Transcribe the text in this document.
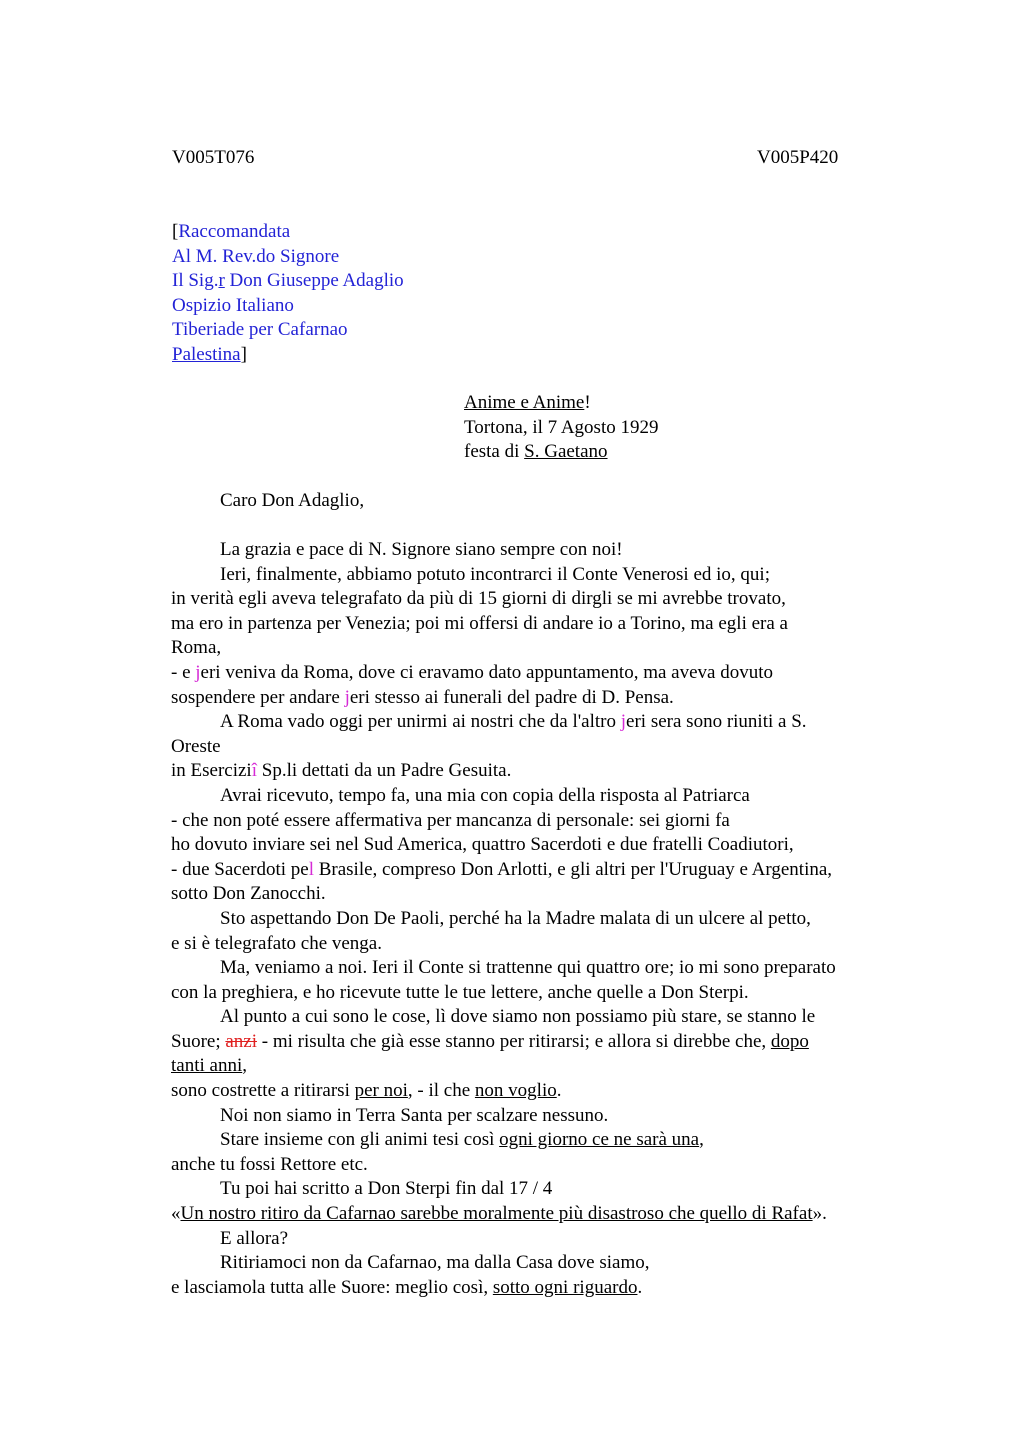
V005T076	V005P420
[Raccomandata
Al M. Rev.do Signore
Il Sig.r Don Giuseppe Adaglio
Ospizio Italiano
Tiberiade per Cafarnao
Palestina]
Anime e Anime!
Tortona, il 7 Agosto 1929
festa di S. Gaetano
Caro Don Adaglio,
La grazia e pace di N. Signore siano sempre con noi!
Ieri, finalmente, abbiamo potuto incontrarci il Conte Venerosi ed io, qui;
in verità egli aveva telegrafato da più di 15 giorni di dirgli se mi avrebbe trovato,
ma ero in partenza per Venezia; poi mi offersi di andare io a Torino, ma egli era a
Roma,
- e jeri veniva da Roma, dove ci eravamo dato appuntamento, ma aveva dovuto
sospendere per andare jeri stesso ai funerali del padre di D. Pensa.
A Roma vado oggi per unirmi ai nostri che da l'altro jeri sera sono riuniti a S.
Oreste
in Eserciziî Sp.li dettati da un Padre Gesuita.
Avrai ricevuto, tempo fa, una mia con copia della risposta al Patriarca
- che non poté essere affermativa per mancanza di personale: sei giorni fa
ho dovuto inviare sei nel Sud America, quattro Sacerdoti e due fratelli Coadiutori,
- due Sacerdoti pel Brasile, compreso Don Arlotti, e gli altri per l'Uruguay e Argentina,
sotto Don Zanocchi.
Sto aspettando Don De Paoli, perché ha la Madre malata di un ulcere al petto,
e si è telegrafato che venga.
Ma, veniamo a noi. Ieri il Conte si trattenne qui quattro ore; io mi sono preparato
con la preghiera, e ho ricevute tutte le tue lettere, anche quelle a Don Sterpi.
Al punto a cui sono le cose, lì dove siamo non possiamo più stare, se stanno le
Suore; anzi - mi risulta che già esse stanno per ritirarsi; e allora si direbbe che, dopo
tanti anni,
sono costrette a ritirarsi per noi, - il che non voglio.
Noi non siamo in Terra Santa per scalzare nessuno.
Stare insieme con gli animi tesi così ogni giorno ce ne sarà una,
anche tu fossi Rettore etc.
Tu poi hai scritto a Don Sterpi fin dal 17 / 4
«Un nostro ritiro da Cafarnao sarebbe moralmente più disastroso che quello di Rafat».
E allora?
Ritiriamoci non da Cafarnao, ma dalla Casa dove siamo,
e lasciamola tutta alle Suore: meglio così, sotto ogni riguardo.
